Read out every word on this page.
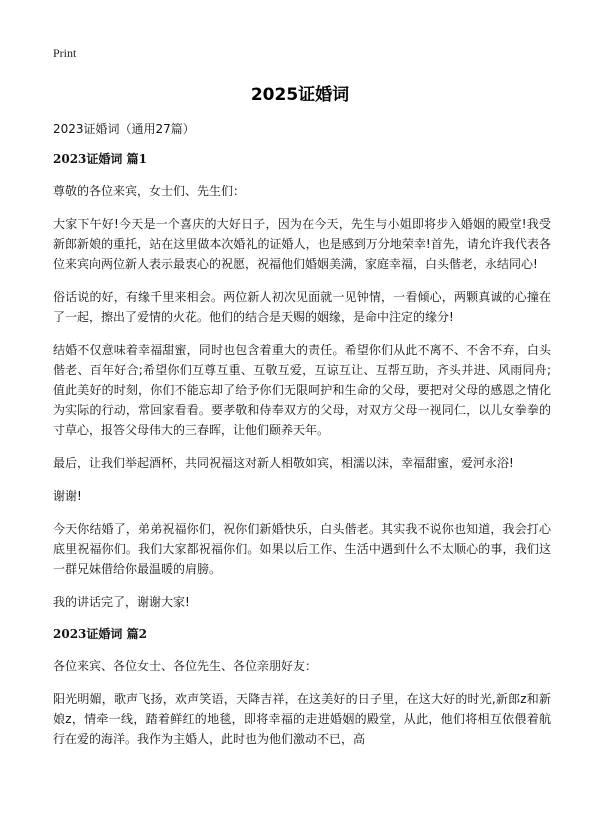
Print
2025证婚词
2023证婚词（通用27篇）
2023证婚词 篇1

尊敬的各位来宾，女士们、先生们：

大家下午好!今天是一个喜庆的大好日子，因为在今天，先生与小姐即将步入婚姻的殿堂!我受新郎新娘的重托，站在这里做本次婚礼的证婚人，也是感到万分地荣幸!首先，请允许我代表各位来宾向两位新人表示最衷心的祝愿，祝福他们婚姻美满，家庭幸福，白头偕老，永结同心!

俗话说的好，有缘千里来相会。两位新人初次见面就一见钟情，一看倾心，两颗真诚的心撞在了一起，擦出了爱情的火花。他们的结合是天赐的姻缘，是命中注定的缘分!

结婚不仅意味着幸福甜蜜，同时也包含着重大的责任。希望你们从此不离不、不舍不弃，白头偕老、百年好合;希望你们互尊互重、互敬互爱，互谅互让、互帮互助，齐头并进、风雨同舟;值此美好的时刻，你们不能忘却了给予你们无限呵护和生命的父母，要把对父母的感恩之情化为实际的行动，常回家看看。要孝敬和侍奉双方的父母，对双方父母一视同仁，以儿女拳拳的寸草心，报答父母伟大的三春晖，让他们颐养天年。

最后，让我们举起酒杯，共同祝福这对新人相敬如宾，相濡以沫，幸福甜蜜，爱河永浴!

谢谢!

今天你结婚了，弟弟祝福你们，祝你们新婚快乐，白头偕老。其实我不说你也知道，我会打心底里祝福你们。我们大家都祝福你们。如果以后工作、生活中遇到什么不太顺心的事，我们这一群兄妹借给你最温暖的肩膀。

我的讲话完了，谢谢大家!

2023证婚词 篇2

各位来宾、各位女士、各位先生、各位亲朋好友：

阳光明媚，歌声飞扬，欢声笑语，天降吉祥，在这美好的日子里，在这大好的时光,新郎z和新娘z，情牵一线，踏着鲜红的地毯，即将幸福的走进婚姻的殿堂，从此，他们将相互依偎着航行在爱的海洋。我作为主婚人，此时也为他们激动不已，高
